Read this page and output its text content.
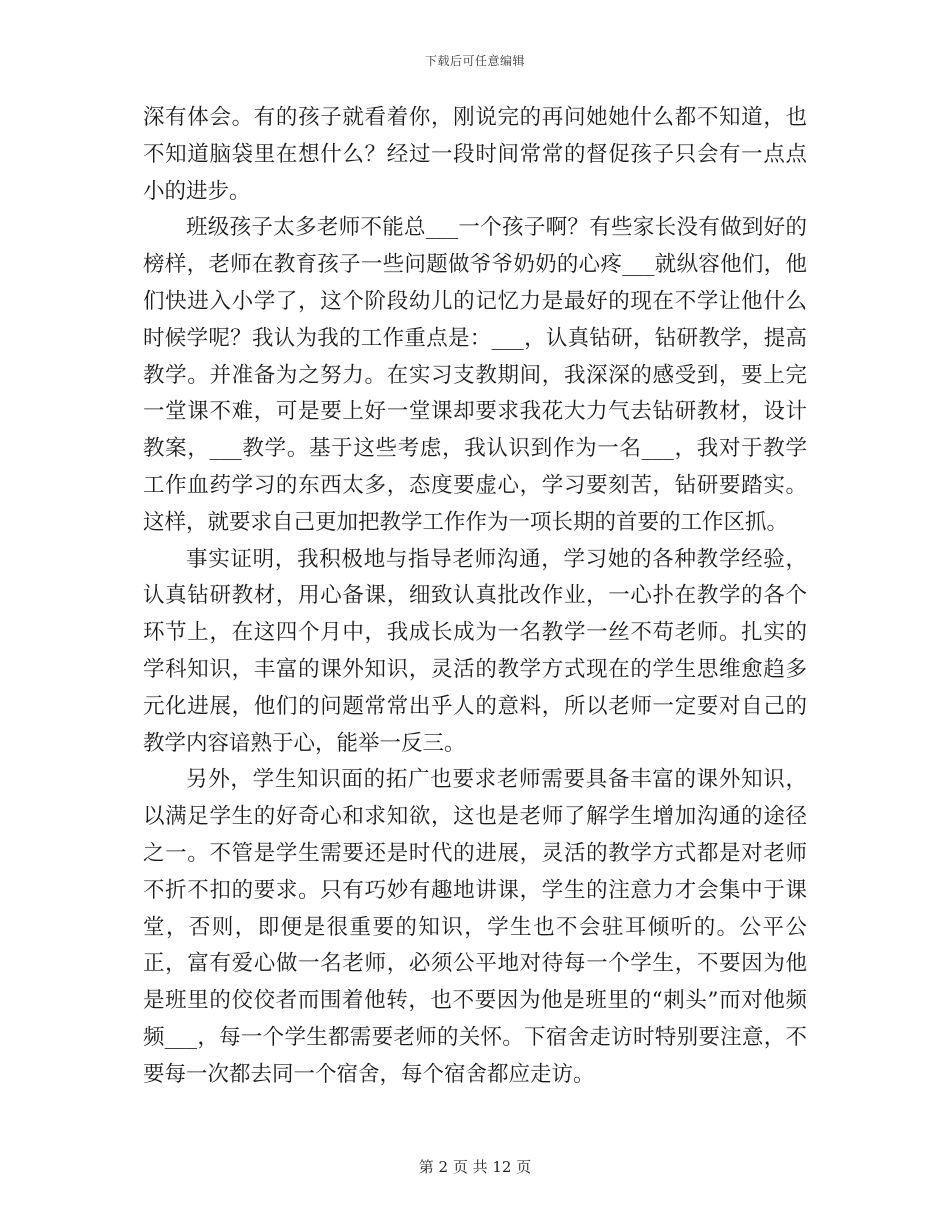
下载后可任意编辑

深有体会。有的孩子就看着你，刚说完的再问她她什么都不知道，也不知道脑袋里在想什么？经过一段时间常常的督促孩子只会有一点点小的进步。

班级孩子太多老师不能总___一个孩子啊？有些家长没有做到好的榜样，老师在教育孩子一些问题做爷爷奶奶的心疼___就纵容他们，他们快进入小学了，这个阶段幼儿的记忆力是最好的现在不学让他什么时候学呢？我认为我的工作重点是：___，认真钻研，钻研教学，提高教学。并准备为之努力。在实习支教期间，我深深的感受到，要上完一堂课不难，可是要上好一堂课却要求我花大力气去钻研教材，设计教案，___教学。基于这些考虑，我认识到作为一名___，我对于教学工作血药学习的东西太多，态度要虚心，学习要刻苦，钻研要踏实。这样，就要求自己更加把教学工作作为一项长期的首要的工作区抓。

事实证明，我积极地与指导老师沟通，学习她的各种教学经验，认真钻研教材，用心备课，细致认真批改作业，一心扑在教学的各个环节上，在这四个月中，我成长成为一名教学一丝不苟老师。扎实的学科知识，丰富的课外知识，灵活的教学方式现在的学生思维愈趋多元化进展，他们的问题常常出乎人的意料，所以老师一定要对自己的教学内容谙熟于心，能举一反三。

另外，学生知识面的拓广也要求老师需要具备丰富的课外知识，以满足学生的好奇心和求知欲，这也是老师了解学生增加沟通的途径之一。不管是学生需要还是时代的进展，灵活的教学方式都是对老师不折不扣的要求。只有巧妙有趣地讲课，学生的注意力才会集中于课堂，否则，即便是很重要的知识，学生也不会驻耳倾听的。公平公正，富有爱心做一名老师，必须公平地对待每一个学生，不要因为他是班里的佼佼者而围着他转，也不要因为他是班里的“刺头”而对他频频___，每一个学生都需要老师的关怀。下宿舍走访时特别要注意，不要每一次都去同一个宿舍，每个宿舍都应走访。

第 2 页 共 12 页
